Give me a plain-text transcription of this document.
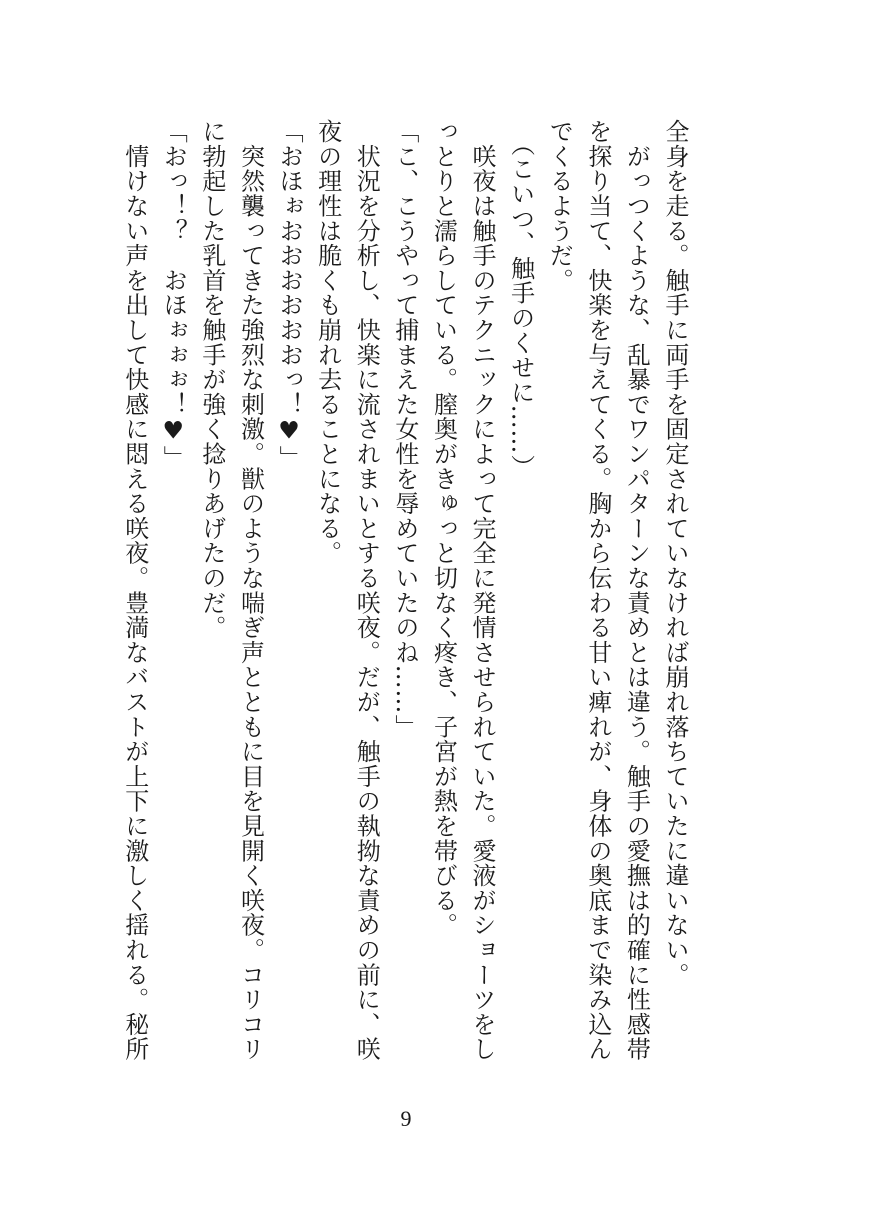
全身を走る。触手に両手を固定されていなければ崩れ落ちていたに違いない。
　がっつくような、乱暴でワンパターンな責めとは違う。触手の愛撫は的確に性感帯
を探り当て、快楽を与えてくる。胸から伝わる甘い痺れが、身体の奥底まで染み込ん
でくるようだ。
　（こいつ、触手のくせに……）
　咲夜は触手のテクニックによって完全に発情させられていた。愛液がショーツをし
っとりと濡らしている。膣奥がきゅっと切なく疼き、子宮が熱を帯びる。
「こ、こうやって捕まえた女性を辱めていたのね……」
　状況を分析し、快楽に流されまいとする咲夜。だが、触手の執拗な責めの前に、咲
夜の理性は脆くも崩れ去ることになる。
「おほぉおおおおおおっ！♥」
　突然襲ってきた強烈な刺激。獣のような喘ぎ声とともに目を見開く咲夜。コリコリ
に勃起した乳首を触手が強く捻りあげたのだ。
「おっ！？　おほぉぉぉ！♥」
　情けない声を出して快感に悶える咲夜。豊満なバストが上下に激しく揺れる。秘所
9
